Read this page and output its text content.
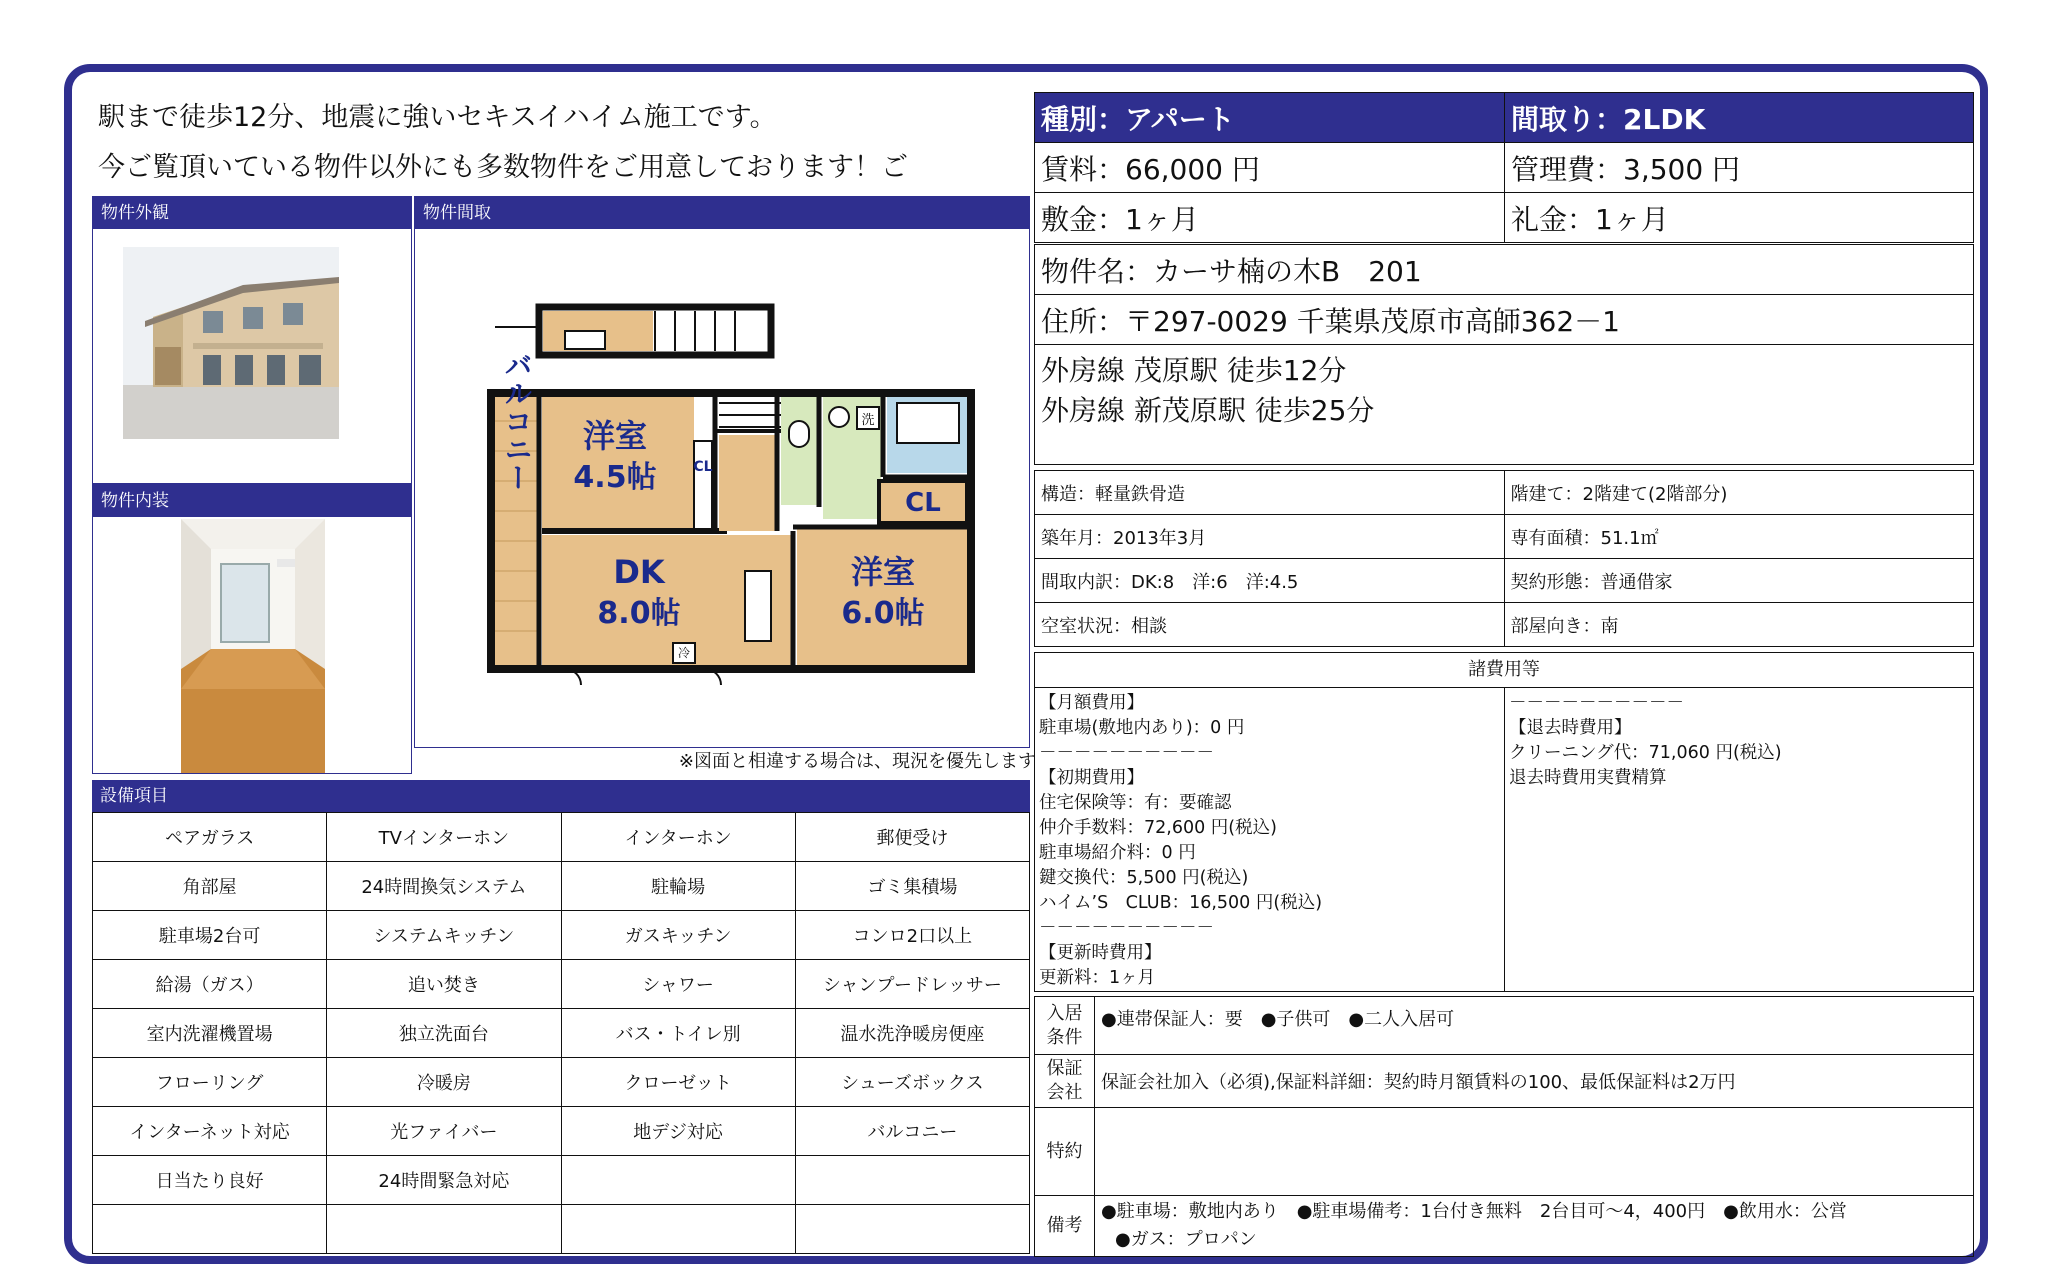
駅まで徒歩12分、地震に強いセキスイハイム施工です。
今ご覧頂いている物件以外にも多数物件をご用意しております！ご
物件外観
物件内装
物件間取
洋室
4.5帖
DK
8.0帖
洋室
6.0帖
CL
CL
冷
洗
バルコニー
※図面と相違する場合は、現況を優先します
設備項目
ペアガラス	TVインターホン	インターホン	郵便受け
角部屋	24時間換気システム	駐輪場	ゴミ集積場
駐車場2台可	システムキッチン	ガスキッチン	コンロ2口以上
給湯（ガス）	追い焚き	シャワー	シャンプードレッサー
室内洗濯機置場	独立洗面台	バス・トイレ別	温水洗浄暖房便座
フローリング	冷暖房	クローゼット	シューズボックス
インターネット対応	光ファイバー	地デジ対応	バルコニー
日当たり良好	24時間緊急対応		

種別：アパート	間取り：2LDK
賃料：66,000 円	管理費：3,500 円
敷金：1ヶ月	礼金：1ヶ月
物件名：カーサ楠の木B　201
住所：〒297-0029 千葉県茂原市高師362－1

外房線 茂原駅 徒歩12分
外房線 新茂原駅 徒歩25分
構造：軽量鉄骨造	階建て：2階建て(2階部分)
築年月：2013年3月	専有面積：51.1㎡
間取内訳：DK:8　洋:6　洋:4.5	契約形態：普通借家
空室状況：相談	部屋向き：南
諸費用等
【月額費用】
駐車場(敷地内あり)：0 円
－－－－－－－－－－
【初期費用】
住宅保険等：有：要確認
仲介手数料：72,600 円(税込)
駐車場紹介料：0 円
鍵交換代：5,500 円(税込)
ハイム’S　CLUB：16,500 円(税込)
－－－－－－－－－－
【更新時費用】
更新料：1ヶ月
－－－－－－－－－－
【退去時費用】
クリーニング代：71,060 円(税込)
退去時費用実費精算
入居
条件	●連帯保証人：要　●子供可　●二人入居可

保証
会社	保証会社加入（必須),保証料詳細：契約時月額賃料の100、最低保証料は2万円
特約	
備考	●駐車場：敷地内あり　●駐車場備考：1台付き無料　2台目可～4，400円　●飲用水：公営
●ガス：プロパン
